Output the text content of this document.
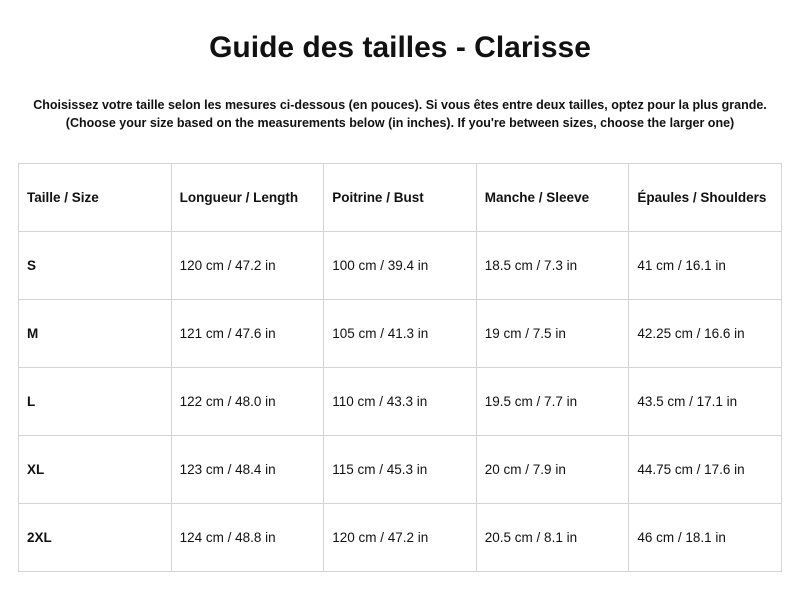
Guide des tailles - Clarisse

Choisissez votre taille selon les mesures ci-dessous (en pouces). Si vous êtes entre deux tailles, optez pour la plus grande.

(Choose your size based on the measurements below (in inches). If you're between sizes, choose the larger one)

Taille / Size	Longueur / Length	Poitrine / Bust	Manche / Sleeve	Épaules / Shoulders
S	120 cm / 47.2 in	100 cm / 39.4 in	18.5 cm / 7.3 in	41 cm / 16.1 in
M	121 cm / 47.6 in	105 cm / 41.3 in	19 cm / 7.5 in	42.25 cm / 16.6 in
L	122 cm / 48.0 in	110 cm / 43.3 in	19.5 cm / 7.7 in	43.5 cm / 17.1 in
XL	123 cm / 48.4 in	115 cm / 45.3 in	20 cm / 7.9 in	44.75 cm / 17.6 in
2XL	124 cm / 48.8 in	120 cm / 47.2 in	20.5 cm / 8.1 in	46 cm / 18.1 in
